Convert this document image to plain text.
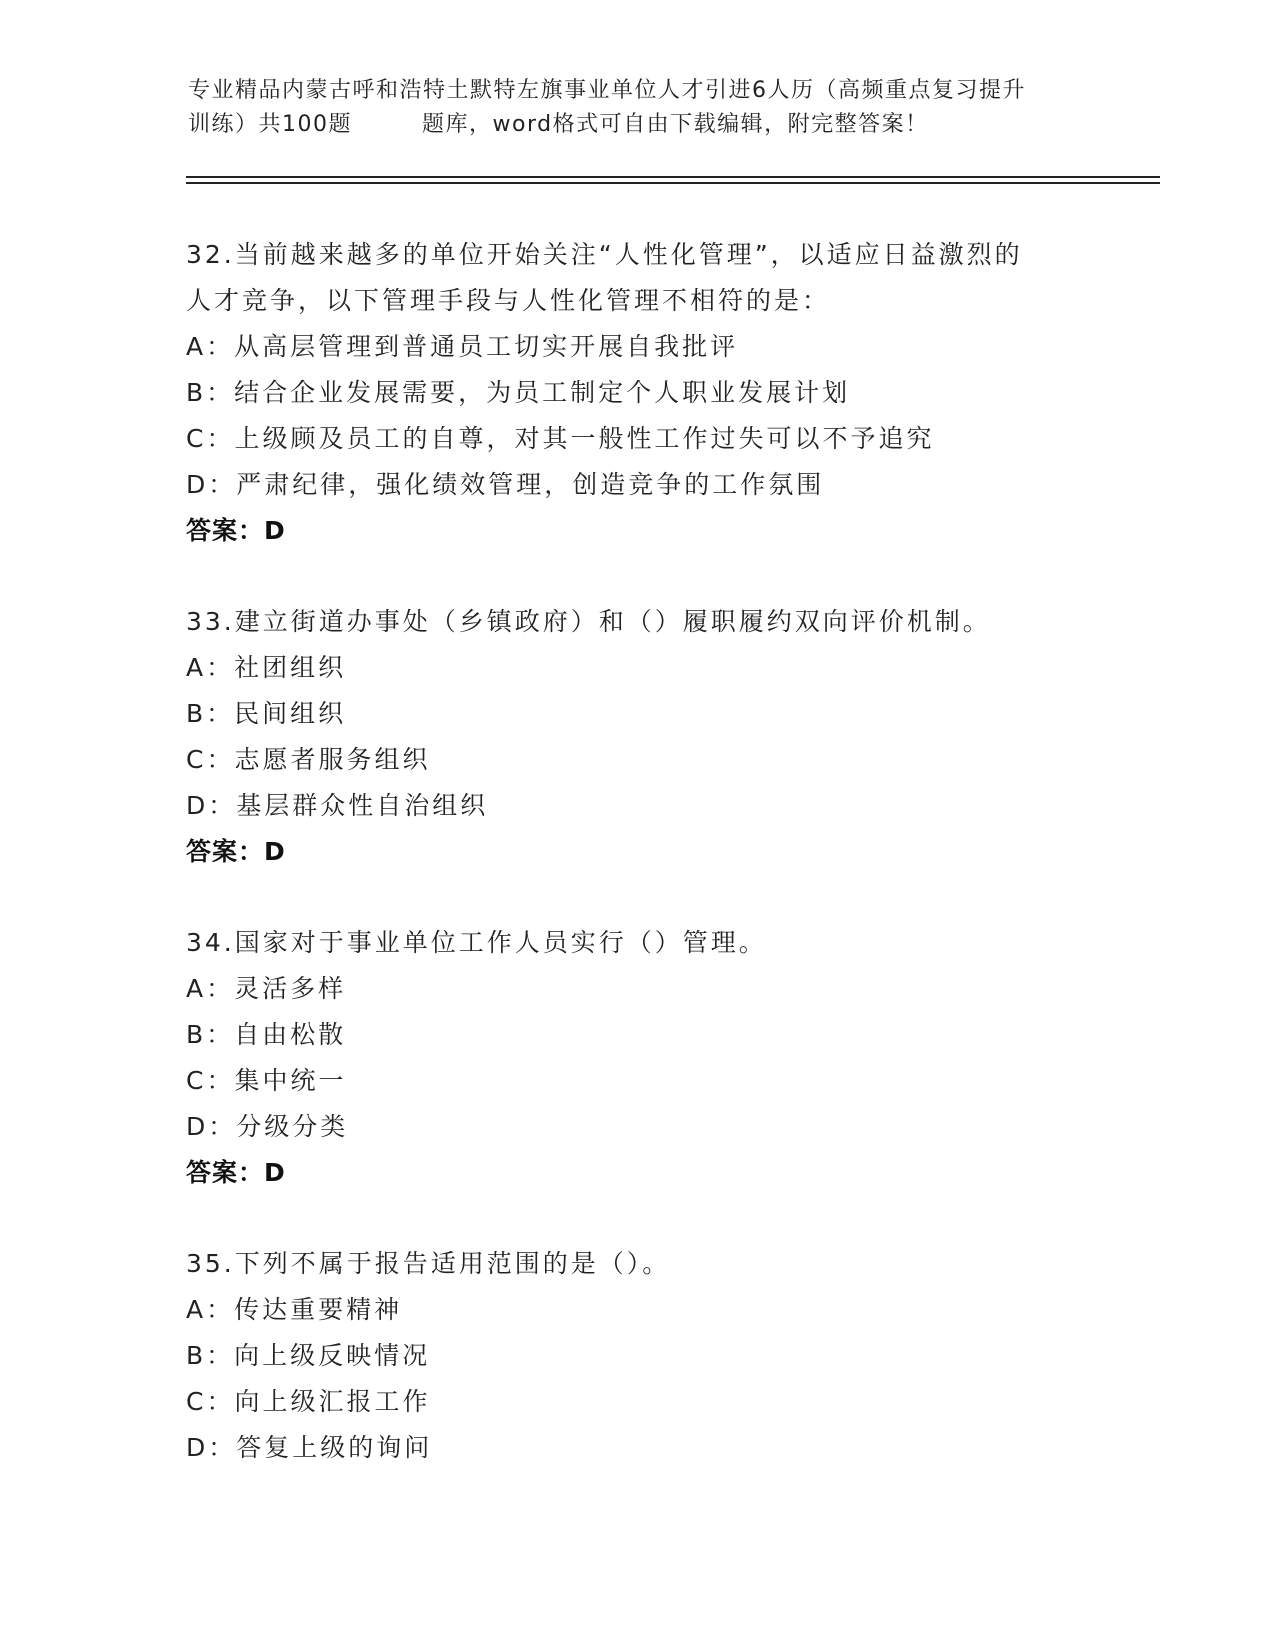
专业精品内蒙古呼和浩特土默特左旗事业单位人才引进6人历（高频重点复习提升
训练）共100题	题库，word格式可自由下载编辑，附完整答案！
32.当前越来越多的单位开始关注“人性化管理”，以适应日益激烈的
人才竞争，以下管理手段与人性化管理不相符的是：
A：从高层管理到普通员工切实开展自我批评
B：结合企业发展需要，为员工制定个人职业发展计划
C：上级顾及员工的自尊，对其一般性工作过失可以不予追究
D：严肃纪律，强化绩效管理，创造竞争的工作氛围
答案：D
33.建立街道办事处（乡镇政府）和（）履职履约双向评价机制。
A：社团组织
B：民间组织
C：志愿者服务组织
D：基层群众性自治组织
答案：D
34.国家对于事业单位工作人员实行（）管理。
A：灵活多样
B：自由松散
C：集中统一
D：分级分类
答案：D
35.下列不属于报告适用范围的是（）。
A：传达重要精神
B：向上级反映情况
C：向上级汇报工作
D：答复上级的询问
